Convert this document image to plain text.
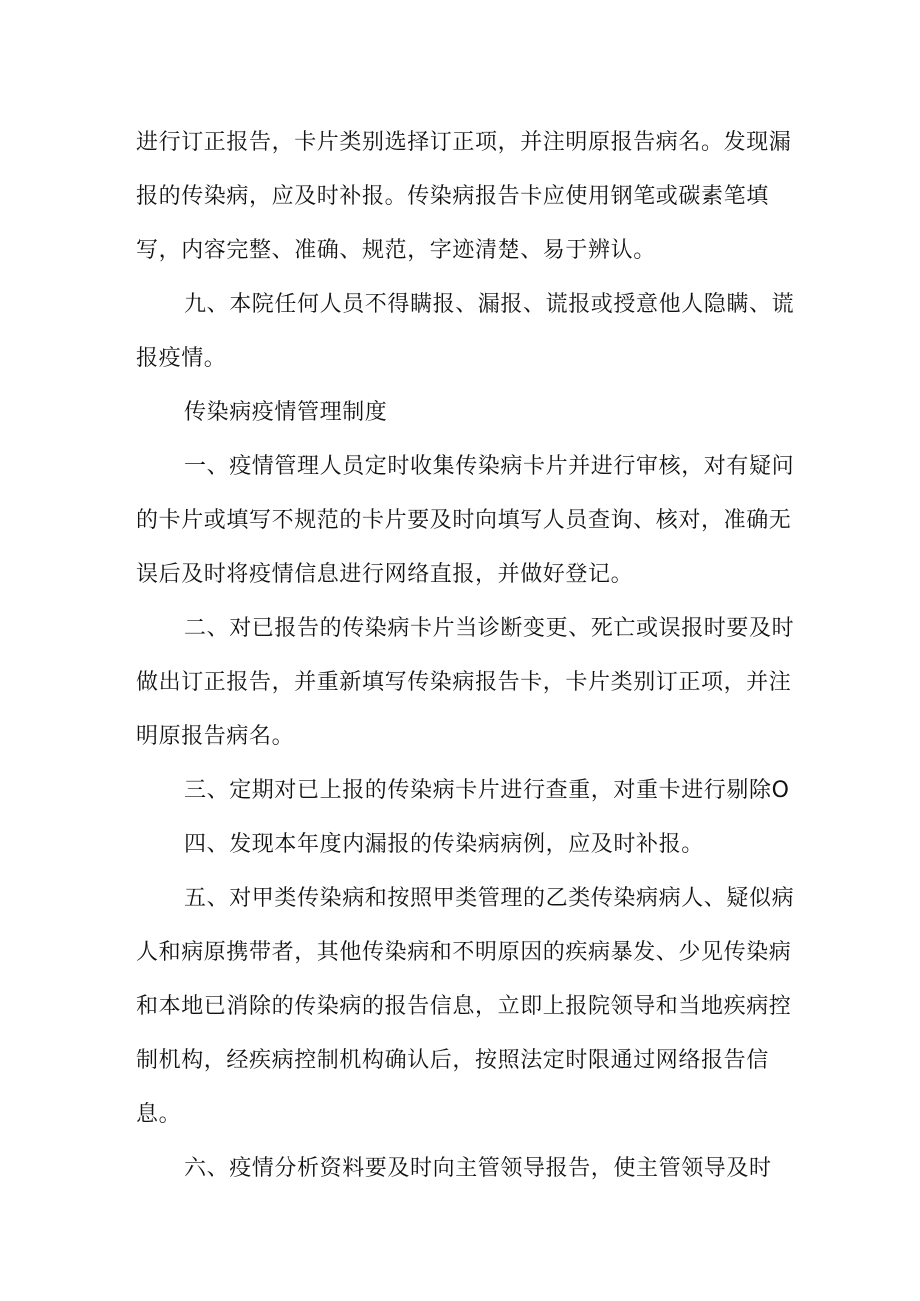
进行订正报告，卡片类别选择订正项，并注明原报告病名。发现漏报的传染病，应及时补报。传染病报告卡应使用钢笔或碳素笔填写，内容完整、准确、规范，字迹清楚、易于辨认。

九、本院任何人员不得瞒报、漏报、谎报或授意他人隐瞒、谎报疫情。

传染病疫情管理制度

一、疫情管理人员定时收集传染病卡片并进行审核，对有疑问的卡片或填写不规范的卡片要及时向填写人员查询、核对，准确无误后及时将疫情信息进行网络直报，并做好登记。

二、对已报告的传染病卡片当诊断变更、死亡或误报时要及时做出订正报告，并重新填写传染病报告卡，卡片类别订正项，并注明原报告病名。

三、定期对已上报的传染病卡片进行查重，对重卡进行剔除O

四、发现本年度内漏报的传染病病例，应及时补报。

五、对甲类传染病和按照甲类管理的乙类传染病病人、疑似病人和病原携带者，其他传染病和不明原因的疾病暴发、少见传染病和本地已消除的传染病的报告信息，立即上报院领导和当地疾病控制机构，经疾病控制机构确认后，按照法定时限通过网络报告信息。

六、疫情分析资料要及时向主管领导报告，使主管领导及时
